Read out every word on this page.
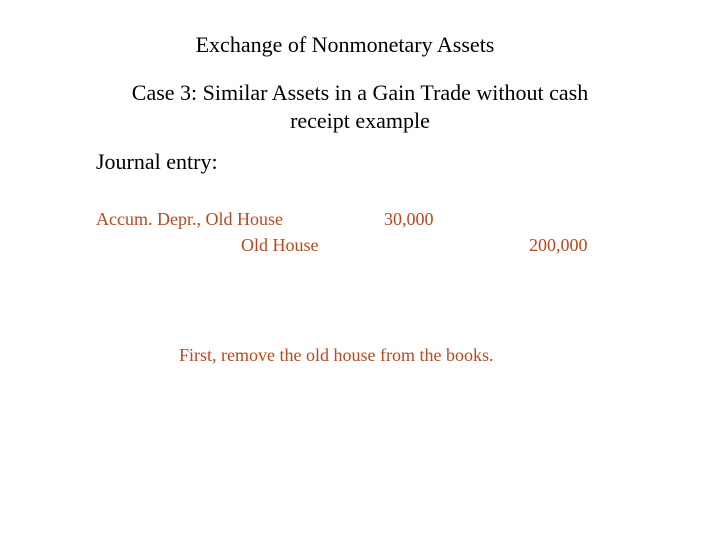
Exchange of Nonmonetary Assets
Case 3: Similar Assets in a Gain Trade without cash
receipt example
Journal entry:
Accum. Depr., Old House	30,000
Old House	200,000
First, remove the old house from the books.
